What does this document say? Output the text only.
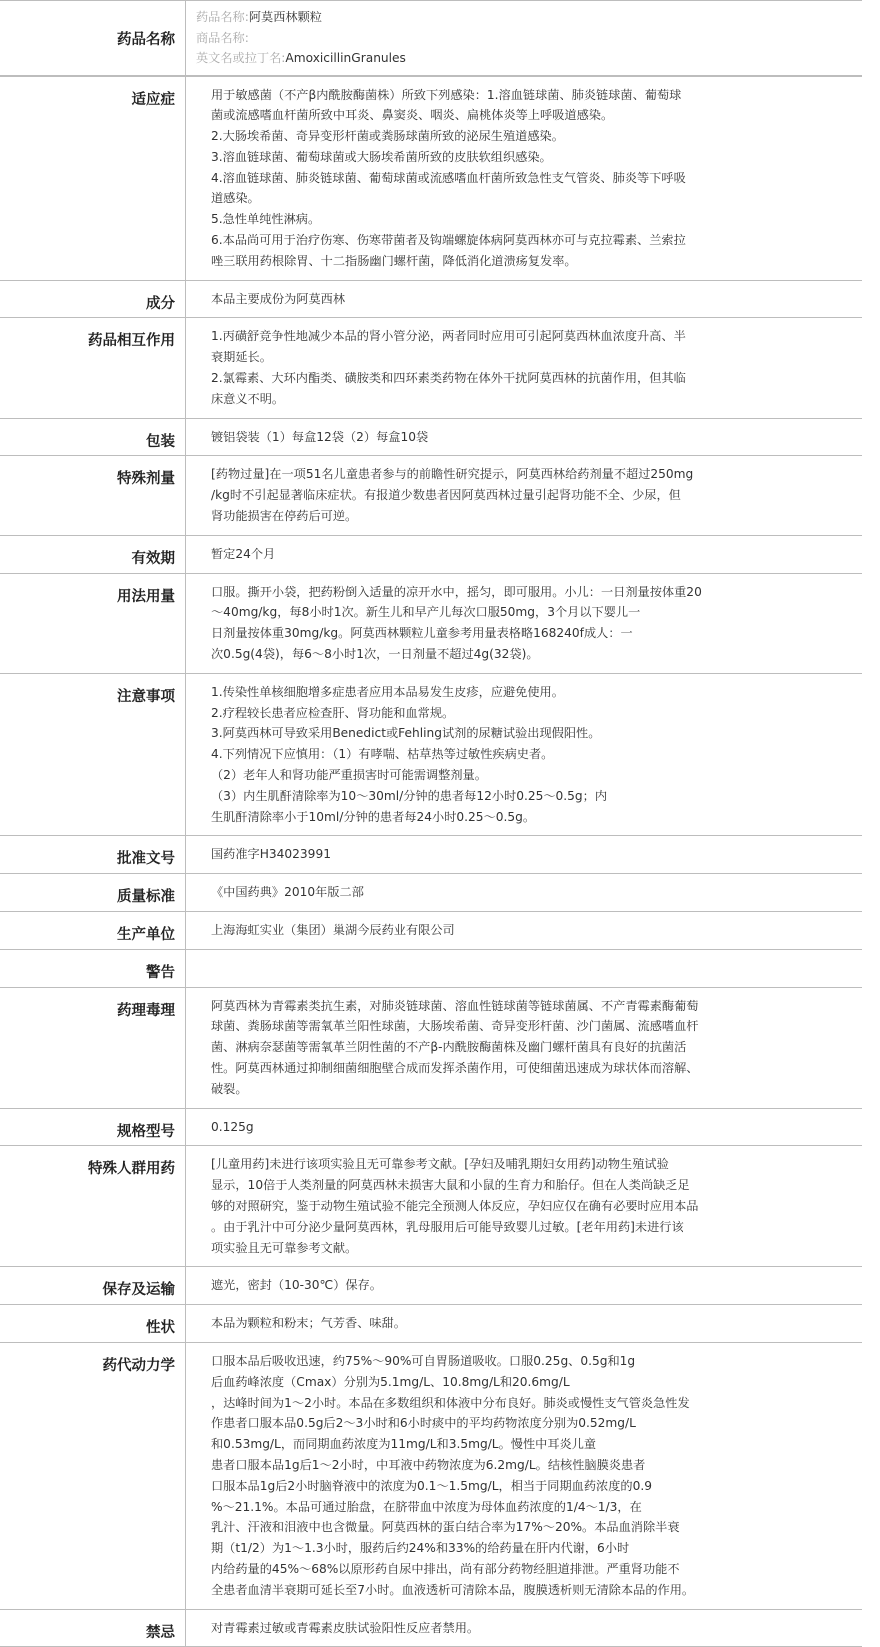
药品名称
药品名称:阿莫西林颗粒
商品名称:
英文名或拉丁名:AmoxicillinGranules
适应症	用于敏感菌（不产β内酰胺酶菌株）所致下列感染：1.溶血链球菌、肺炎链球菌、葡萄球
菌或流感嗜血杆菌所致中耳炎、鼻窦炎、咽炎、扁桃体炎等上呼吸道感染。
2.大肠埃希菌、奇异变形杆菌或粪肠球菌所致的泌尿生殖道感染。
3.溶血链球菌、葡萄球菌或大肠埃希菌所致的皮肤软组织感染。
4.溶血链球菌、肺炎链球菌、葡萄球菌或流感嗜血杆菌所致急性支气管炎、肺炎等下呼吸
道感染。
5.急性单纯性淋病。
6.本品尚可用于治疗伤寒、伤寒带菌者及钩端螺旋体病阿莫西林亦可与克拉霉素、兰索拉
唑三联用药根除胃、十二指肠幽门螺杆菌，降低消化道溃疡复发率。
成分	本品主要成份为阿莫西林
药品相互作用	1.丙磺舒竞争性地减少本品的肾小管分泌，两者同时应用可引起阿莫西林血浓度升高、半
衰期延长。
2.氯霉素、大环内酯类、磺胺类和四环素类药物在体外干扰阿莫西林的抗菌作用，但其临
床意义不明。
包装	镀铝袋装（1）每盒12袋（2）每盒10袋
特殊剂量	[药物过量]在一项51名儿童患者参与的前瞻性研究提示，阿莫西林给药剂量不超过250mg
/kg时不引起显著临床症状。有报道少数患者因阿莫西林过量引起肾功能不全、少尿，但
肾功能损害在停药后可逆。
有效期	暂定24个月
用法用量	口服。撕开小袋，把药粉倒入适量的凉开水中，摇匀，即可服用。小儿：一日剂量按体重20
～40mg/kg，每8小时1次。新生儿和早产儿每次口服50mg，3个月以下婴儿一
日剂量按体重30mg/kg。阿莫西林颗粒儿童参考用量表格略168240f成人：一
次0.5g(4袋)，每6～8小时1次，一日剂量不超过4g(32袋)。
注意事项	1.传染性单核细胞增多症患者应用本品易发生皮疹，应避免使用。
2.疗程较长患者应检查肝、肾功能和血常规。
3.阿莫西林可导致采用Benedict或Fehling试剂的尿糖试验出现假阳性。
4.下列情况下应慎用：（1）有哮喘、枯草热等过敏性疾病史者。
（2）老年人和肾功能严重损害时可能需调整剂量。
（3）内生肌酐清除率为10～30ml/分钟的患者每12小时0.25～0.5g；内
生肌酐清除率小于10ml/分钟的患者每24小时0.25～0.5g。
批准文号	国药准字H34023991
质量标准	《中国药典》2010年版二部
生产单位	上海海虹实业（集团）巢湖今辰药业有限公司
警告

药理毒理	阿莫西林为青霉素类抗生素，对肺炎链球菌、溶血性链球菌等链球菌属、不产青霉素酶葡萄
球菌、粪肠球菌等需氧革兰阳性球菌，大肠埃希菌、奇异变形杆菌、沙门菌属、流感嗜血杆
菌、淋病奈瑟菌等需氧革兰阴性菌的不产β-内酰胺酶菌株及幽门螺杆菌具有良好的抗菌活
性。阿莫西林通过抑制细菌细胞壁合成而发挥杀菌作用，可使细菌迅速成为球状体而溶解、
破裂。
规格型号	0.125g
特殊人群用药	[儿童用药]未进行该项实验且无可靠参考文献。[孕妇及哺乳期妇女用药]动物生殖试验
显示，10倍于人类剂量的阿莫西林未损害大鼠和小鼠的生育力和胎仔。但在人类尚缺乏足
够的对照研究，鉴于动物生殖试验不能完全预测人体反应，孕妇应仅在确有必要时应用本品
。由于乳汁中可分泌少量阿莫西林，乳母服用后可能导致婴儿过敏。[老年用药]未进行该
项实验且无可靠参考文献。
保存及运输	遮光，密封（10-30℃）保存。
性状	本品为颗粒和粉末；气芳香、味甜。
药代动力学	口服本品后吸收迅速，约75%～90%可自胃肠道吸收。口服0.25g、0.5g和1g
后血药峰浓度（Cmax）分别为5.1mg/L、10.8mg/L和20.6mg/L
，达峰时间为1～2小时。本品在多数组织和体液中分布良好。肺炎或慢性支气管炎急性发
作患者口服本品0.5g后2～3小时和6小时痰中的平均药物浓度分别为0.52mg/L
和0.53mg/L，而同期血药浓度为11mg/L和3.5mg/L。慢性中耳炎儿童
患者口服本品1g后1～2小时，中耳液中药物浓度为6.2mg/L。结核性脑膜炎患者
口服本品1g后2小时脑脊液中的浓度为0.1～1.5mg/L，相当于同期血药浓度的0.9
%～21.1%。本品可通过胎盘，在脐带血中浓度为母体血药浓度的1/4～1/3，在
乳汁、汗液和泪液中也含微量。阿莫西林的蛋白结合率为17%～20%。本品血消除半衰
期（t1/2）为1～1.3小时，服药后约24%和33%的给药量在肝内代谢，6小时
内给药量的45%～68%以原形药自尿中排出，尚有部分药物经胆道排泄。严重肾功能不
全患者血清半衰期可延长至7小时。血液透析可清除本品，腹膜透析则无清除本品的作用。
禁忌	对青霉素过敏或青霉素皮肤试验阳性反应者禁用。
